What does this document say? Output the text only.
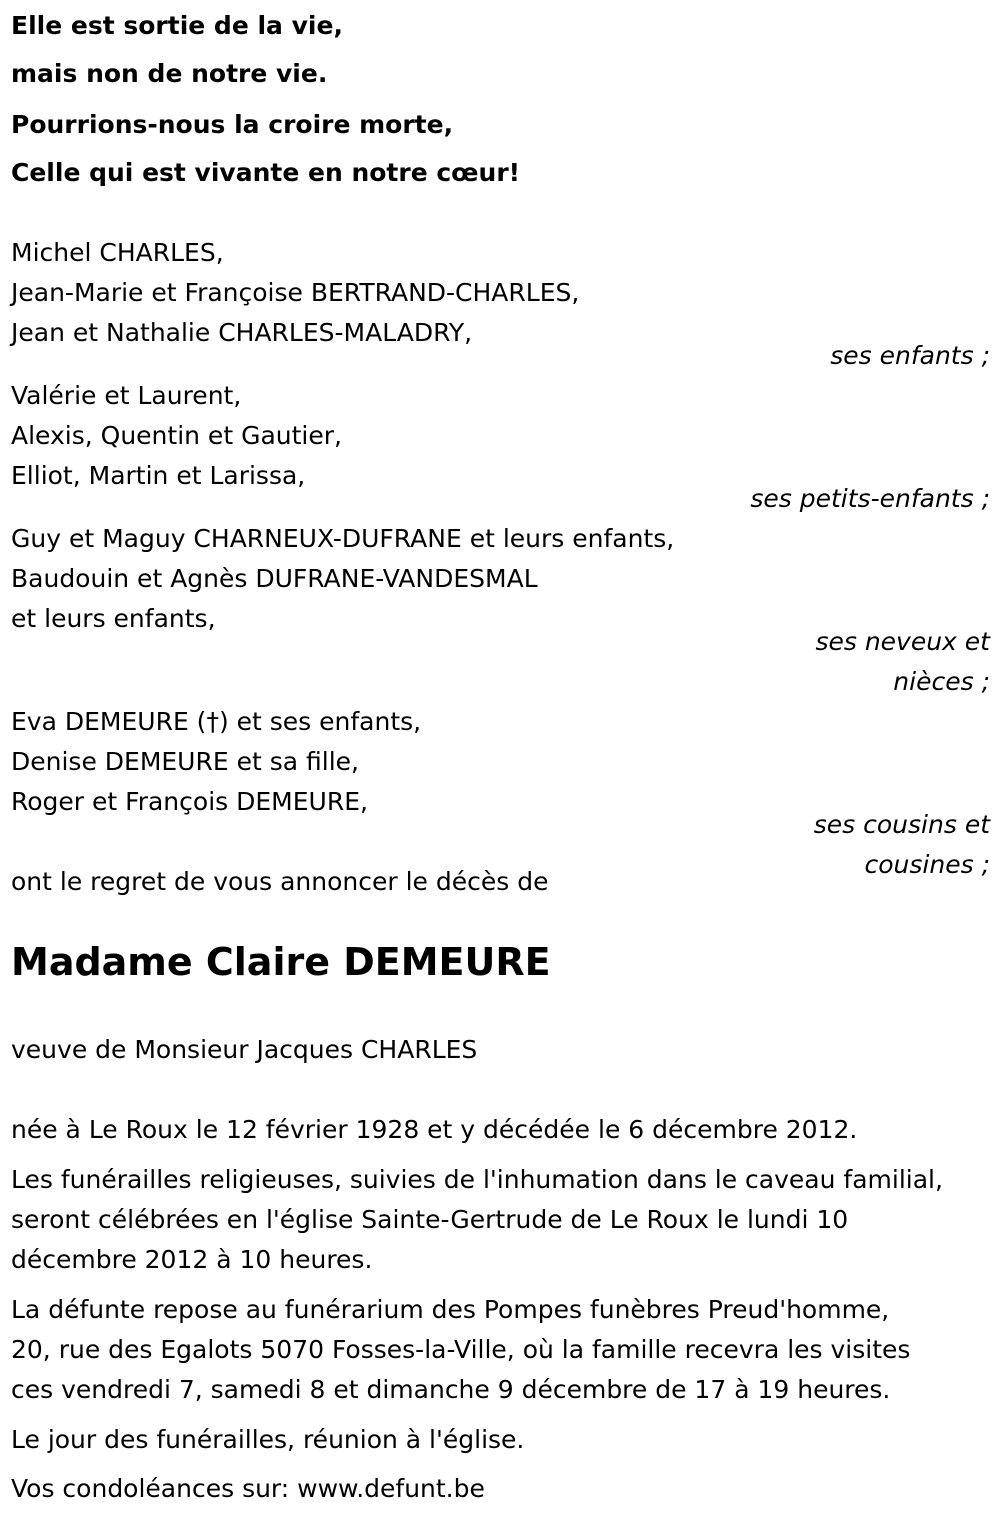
Elle est sortie de la vie,

mais non de notre vie.

Pourrions-nous la croire morte,

Celle qui est vivante en notre cœur!

Michel CHARLES,

Jean-Marie et Françoise BERTRAND-CHARLES,

Jean et Nathalie CHARLES-MALADRY,

ses enfants ;

Valérie et Laurent,

Alexis, Quentin et Gautier,

Elliot, Martin et Larissa,

ses petits-enfants ;

Guy et Maguy CHARNEUX-DUFRANE et leurs enfants,

Baudouin et Agnès DUFRANE-VANDESMAL

et leurs enfants,

ses neveux et

nièces ;

Eva DEMEURE (†) et ses enfants,

Denise DEMEURE et sa fille,

Roger et François DEMEURE,

ses cousins et

cousines ;

ont le regret de vous annoncer le décès de

Madame Claire DEMEURE

veuve de Monsieur Jacques CHARLES

née à Le Roux le 12 février 1928 et y décédée le 6 décembre 2012.

Les funérailles religieuses, suivies de l'inhumation dans le caveau familial,

seront célébrées en l'église Sainte-Gertrude de Le Roux le lundi 10

décembre 2012 à 10 heures.

La défunte repose au funérarium des Pompes funèbres Preud'homme,

20, rue des Egalots 5070 Fosses-la-Ville, où la famille recevra les visites

ces vendredi 7, samedi 8 et dimanche 9 décembre de 17 à 19 heures.

Le jour des funérailles, réunion à l'église.

Vos condoléances sur: www.defunt.be
